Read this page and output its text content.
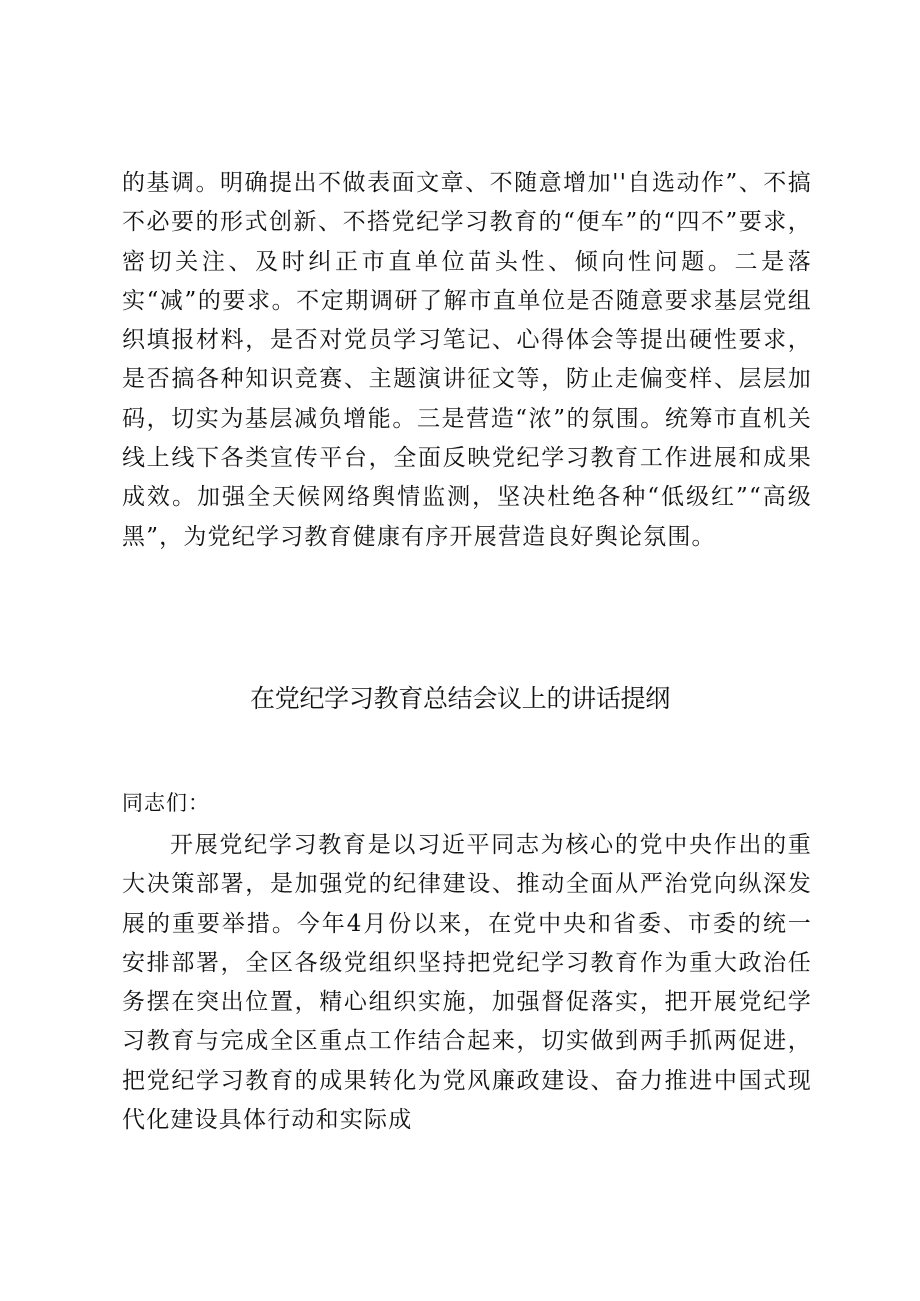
的基调。明确提出不做表面文章、不随意增加''自选动作”、不搞不必要的形式创新、不搭党纪学习教育的“便车”的“四不”要求，密切关注、及时纠正市直单位苗头性、倾向性问题。二是落实“减”的要求。不定期调研了解市直单位是否随意要求基层党组织填报材料，是否对党员学习笔记、心得体会等提出硬性要求，是否搞各种知识竞赛、主题演讲征文等，防止走偏变样、层层加码，切实为基层减负增能。三是营造“浓”的氛围。统筹市直机关线上线下各类宣传平台，全面反映党纪学习教育工作进展和成果成效。加强全天候网络舆情监测，坚决杜绝各种“低级红”“高级黑”，为党纪学习教育健康有序开展营造良好舆论氛围。

在党纪学习教育总结会议上的讲话提纲

同志们：

开展党纪学习教育是以习近平同志为核心的党中央作出的重大决策部署，是加强党的纪律建设、推动全面从严治党向纵深发展的重要举措。今年4月份以来，在党中央和省委、市委的统一安排部署，全区各级党组织坚持把党纪学习教育作为重大政治任务摆在突出位置，精心组织实施，加强督促落实，把开展党纪学习教育与完成全区重点工作结合起来，切实做到两手抓两促进，把党纪学习教育的成果转化为党风廉政建设、奋力推进中国式现代化建设具体行动和实际成
